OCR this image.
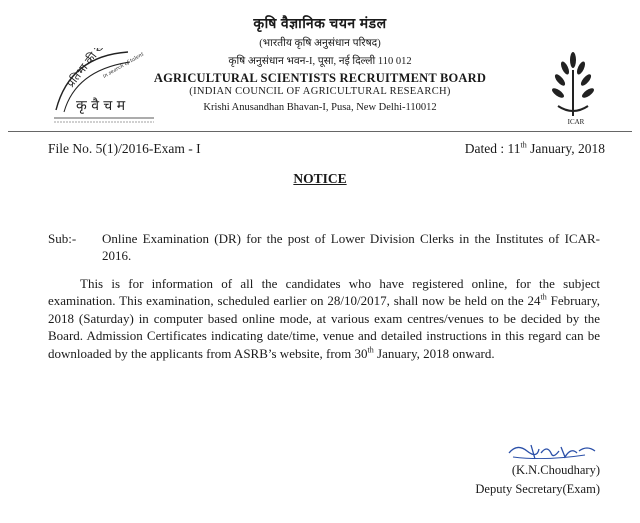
कृषि वैज्ञानिक चयन मंडल
(भारतीय कृषि अनुसंधान परिषद)
कृषि अनुसंधान भवन-I, पूसा, नई दिल्ली 110 012
AGRICULTURAL SCIENTISTS RECRUITMENT BOARD
(INDIAN COUNCIL OF AGRICULTURAL RESEARCH)
Krishi Anusandhan Bhavan-I, Pusa, New Delhi-110012
प्रतिभा की खोज
in search of talent
कृ वै च म
ICAR
File No. 5(1)/2016-Exam - I	Dated : 11th January, 2018
NOTICE
Sub:-	Online Examination (DR) for the post of Lower Division Clerks in the Institutes of ICAR-2016.
This is for information of all the candidates who have registered online, for the subject examination. This examination, scheduled earlier on 28/10/2017, shall now be held on the 24th February, 2018 (Saturday) in computer based online mode, at various exam centres/venues to be decided by the Board. Admission Certificates indicating date/time, venue and detailed instructions in this regard can be downloaded by the applicants from ASRB’s website, from 30th January, 2018 onward.
(K.N.Choudhary)
Deputy Secretary(Exam)
